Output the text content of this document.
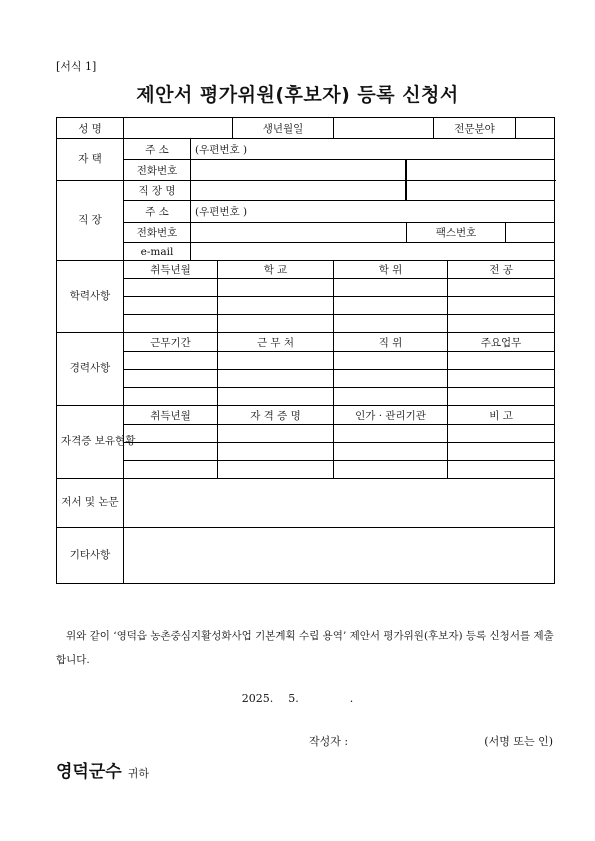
[서식 1]
제안서 평가위원(후보자) 등록 신청서
성 명				생년월일			전문분야			
자 택	주 소	(우편번호 )								
	전화번호			
직 장	직 장 명			
	주 소	(우편번호 )								
	전화번호					팩스번호				
	e-mail									
학력사항	취득년월		학 교		학 위			전 공		

경력사항	근무기간		근 무 처		직 위			주요업무		

자격증 보유현황	취득년월		자 격 증 명		인가 · 관리기관			비 고		

저서 및 논문										
기타사항										
위와 같이 ‘영덕읍 농촌중심지활성화사업 기본계획 수립 용역’ 제안서 평가위원(후보자) 등록 신청서를 제출합니다.
2025. 5.	.
작성자 :	(서명 또는 인)
영덕군수 귀하
